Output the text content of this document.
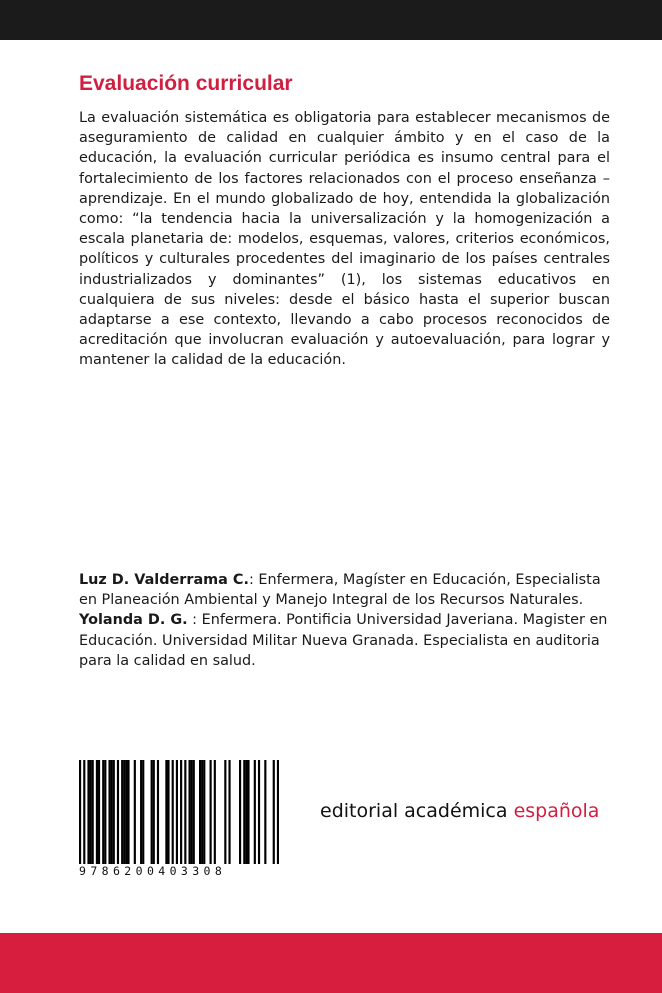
Evaluación curricular

La evaluación sistemática es obligatoria para establecer mecanismos de aseguramiento de calidad en cualquier ámbito y en el caso de la educación, la evaluación curricular periódica es insumo central para el fortalecimiento de los factores relacionados con el proceso enseñanza – aprendizaje. En el mundo globalizado de hoy, entendida la globalización como: “la tendencia hacia la universalización y la homogenización a escala planetaria de: modelos, esquemas, valores, criterios económicos, políticos y culturales procedentes del imaginario de los países centrales industrializados y dominantes” (1), los sistemas educativos en cualquiera de sus niveles: desde el básico hasta el superior buscan adaptarse a ese contexto, llevando a cabo procesos reconocidos de acreditación que involucran evaluación y autoevaluación, para lograr y mantener la calidad de la educación.

Luz D. Valderrama C.: Enfermera, Magíster en Educación, Especialista en Planeación Ambiental y Manejo Integral de los Recursos Naturales.
Yolanda D. G. : Enfermera. Pontificia Universidad Javeriana. Magister en Educación. Universidad Militar Nueva Granada. Especialista en auditoria para la calidad en salud.
9786200403308
editorial académica española
